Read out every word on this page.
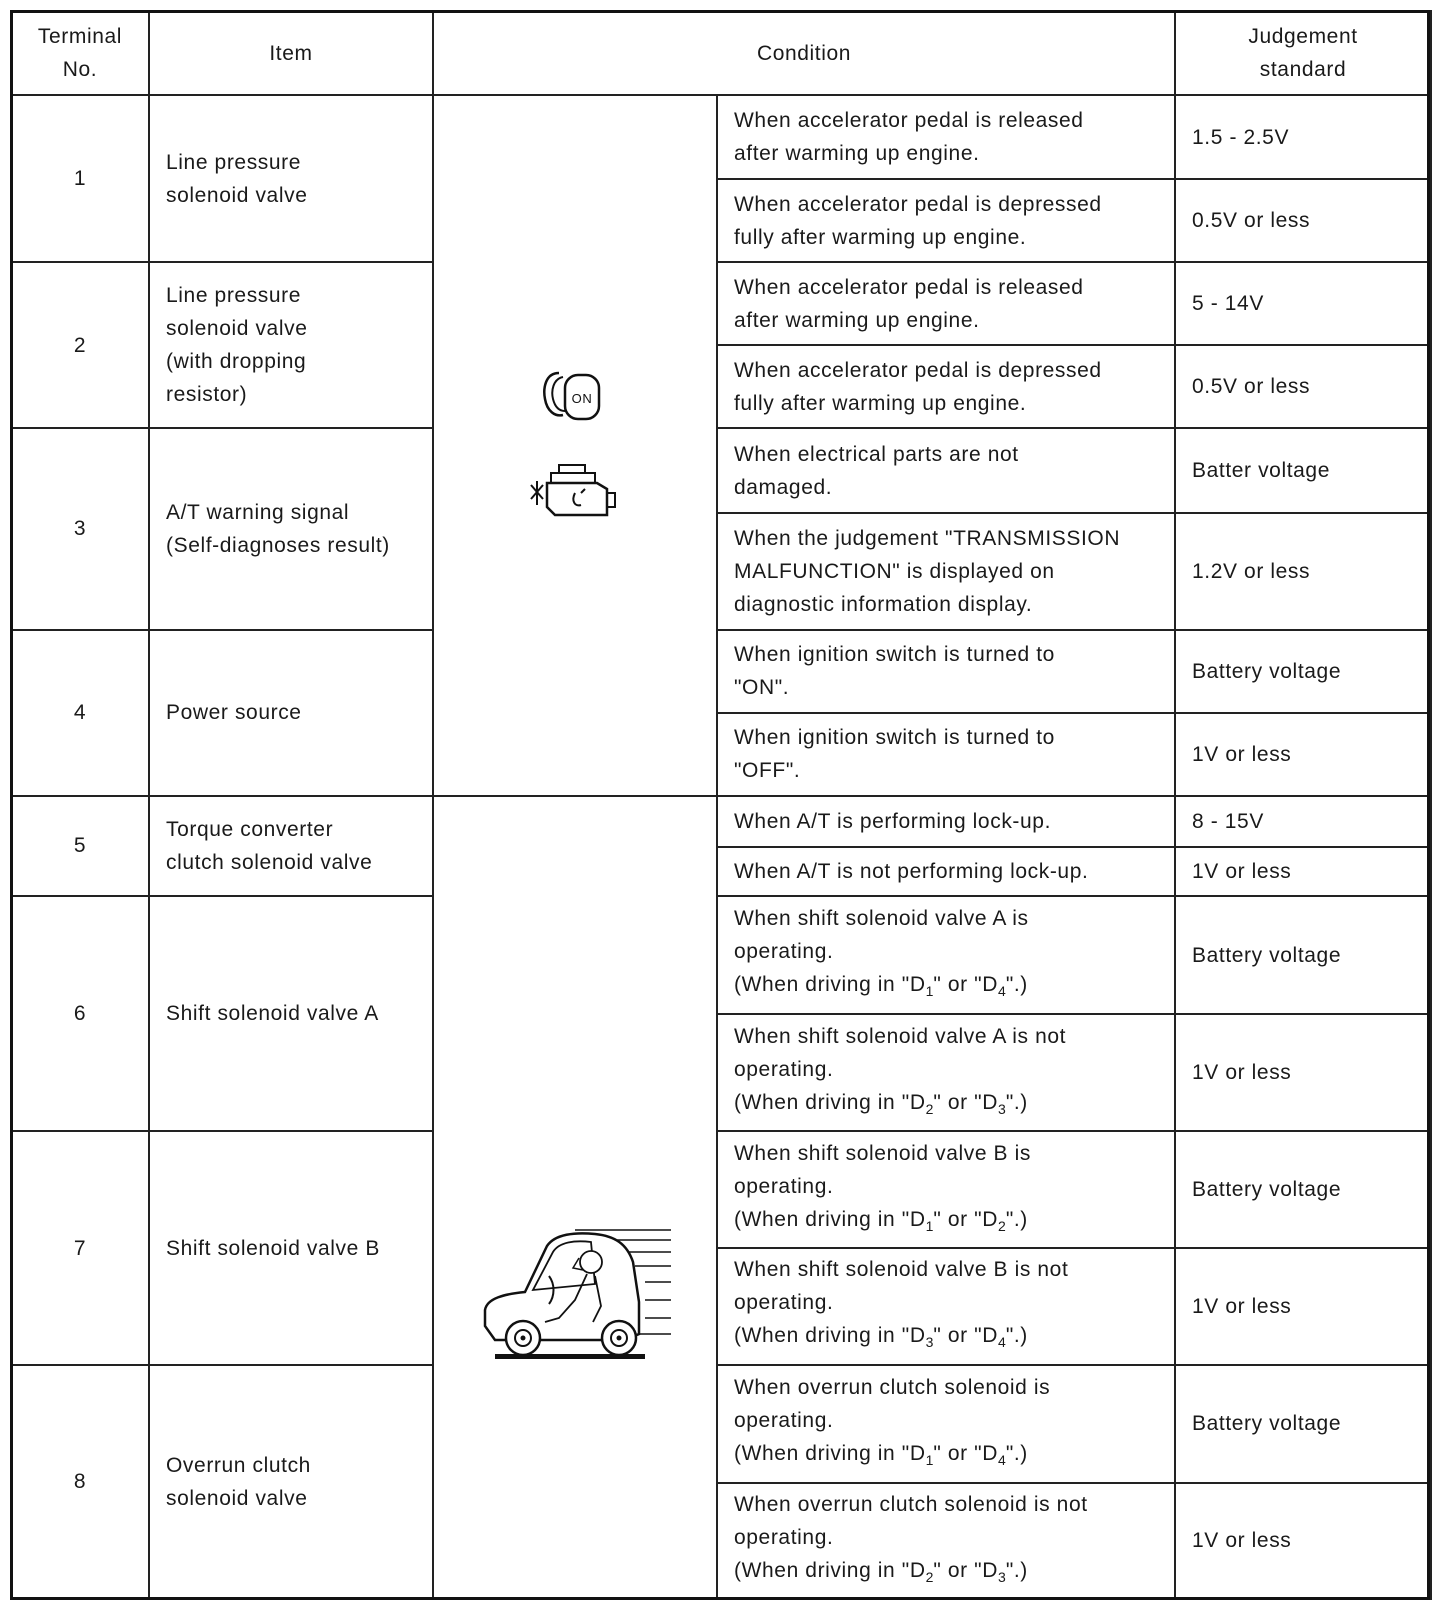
Terminal
No.	Item	Condition		Judgement
standard

1	Line pressure
solenoid valve	ON	When accelerator pedal is released
after warming up engine.	1.5 - 2.5V

			When accelerator pedal is depressed
fully after warming up engine.	0.5V or less
2	Line pressure
solenoid valve
(with dropping
resistor)		When accelerator pedal is released
after warming up engine.	5 - 14V

			When accelerator pedal is depressed
fully after warming up engine.	0.5V or less
3	A/T warning signal
(Self-diagnoses result)		When electrical parts are not
damaged.	Batter voltage

			When the judgement "TRANSMISSION
MALFUNCTION" is displayed on
diagnostic information display.	1.2V or less
4	Power source		When ignition switch is turned to
"ON".	Battery voltage

			When ignition switch is turned to
"OFF".	1V or less
5	Torque converter
clutch solenoid valve		When A/T is performing lock-up.	8 - 15V

			When A/T is not performing lock-up.	1V or less
6	Shift solenoid valve A		When shift solenoid valve A is
operating.
(When driving in "$D_1$" or "$D_4$".)	Battery voltage

			When shift solenoid valve A is not
operating.
(When driving in "$D_2$" or "$D_3$".)	1V or less
7	Shift solenoid valve B		When shift solenoid valve B is
operating.
(When driving in "$D_1$" or "$D_2$".)	Battery voltage

			When shift solenoid valve B is not
operating.
(When driving in "$D_3$" or "$D_4$".)	1V or less
8	Overrun clutch
solenoid valve		When overrun clutch solenoid is
operating.
(When driving in "$D_1$" or "$D_4$".)	Battery voltage

			When overrun clutch solenoid is not
operating.
(When driving in "$D_2$" or "$D_3$".)	1V or less
